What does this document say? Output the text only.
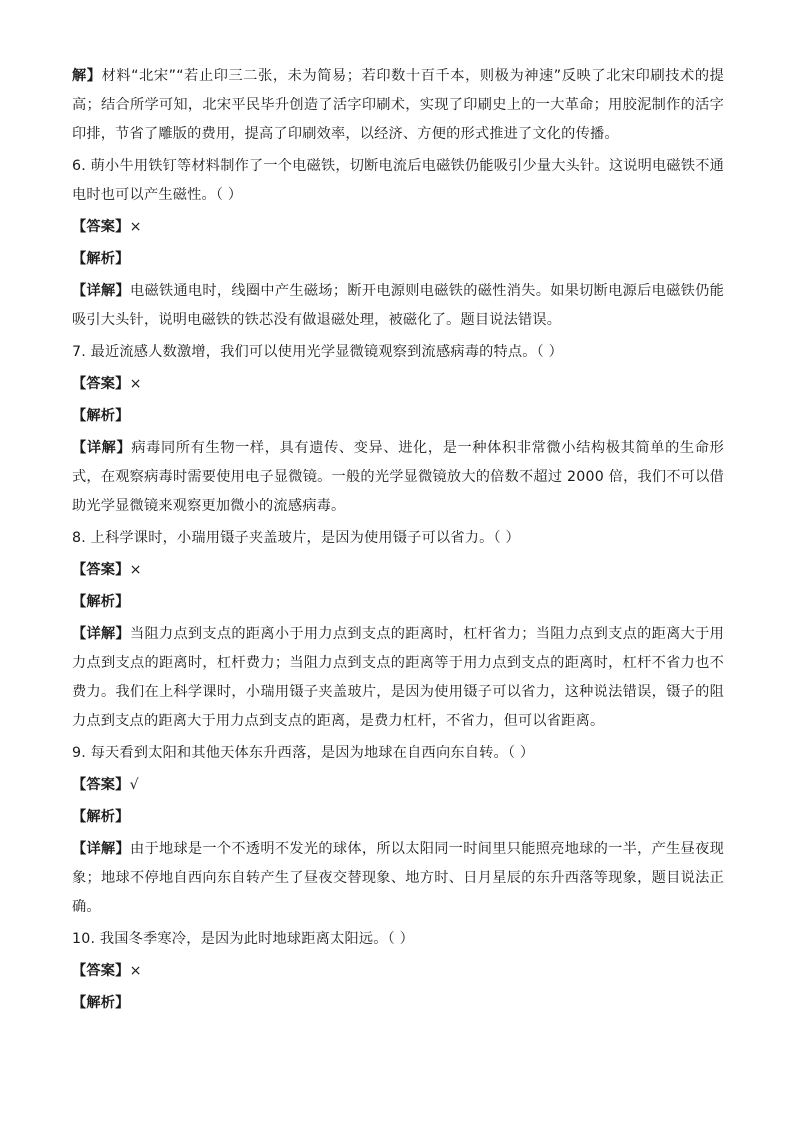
解】材料“北宋”“若止印三二张，未为简易；若印数十百千本，则极为神速”反映了北宋印刷技术的提高；结合所学可知，北宋平民毕升创造了活字印刷术，实现了印刷史上的一大革命；用胶泥制作的活字印排，节省了雕版的费用，提高了印刷效率，以经济、方便的形式推进了文化的传播。

6. 萌小牛用铁钉等材料制作了一个电磁铁，切断电流后电磁铁仍能吸引少量大头针。这说明电磁铁不通电时也可以产生磁性。（ ）

【答案】×

【解析】

【详解】电磁铁通电时，线圈中产生磁场；断开电源则电磁铁的磁性消失。如果切断电源后电磁铁仍能吸引大头针，说明电磁铁的铁芯没有做退磁处理，被磁化了。题目说法错误。

7. 最近流感人数激增，我们可以使用光学显微镜观察到流感病毒的特点。（ ）

【答案】×

【解析】

【详解】病毒同所有生物一样，具有遗传、变异、进化，是一种体积非常微小结构极其简单的生命形式，在观察病毒时需要使用电子显微镜。一般的光学显微镜放大的倍数不超过 2000 倍，我们不可以借助光学显微镜来观察更加微小的流感病毒。

8. 上科学课时，小瑞用镊子夹盖玻片，是因为使用镊子可以省力。（ ）

【答案】×

【解析】

【详解】当阻力点到支点的距离小于用力点到支点的距离时，杠杆省力；当阻力点到支点的距离大于用力点到支点的距离时，杠杆费力；当阻力点到支点的距离等于用力点到支点的距离时，杠杆不省力也不费力。我们在上科学课时，小瑞用镊子夹盖玻片，是因为使用镊子可以省力，这种说法错误，镊子的阻力点到支点的距离大于用力点到支点的距离，是费力杠杆，不省力，但可以省距离。

9. 每天看到太阳和其他天体东升西落，是因为地球在自西向东自转。（ ）

【答案】√

【解析】

【详解】由于地球是一个不透明不发光的球体，所以太阳同一时间里只能照亮地球的一半，产生昼夜现象；地球不停地自西向东自转产生了昼夜交替现象、地方时、日月星辰的东升西落等现象，题目说法正确。

10. 我国冬季寒冷，是因为此时地球距离太阳远。（ ）

【答案】×

【解析】
